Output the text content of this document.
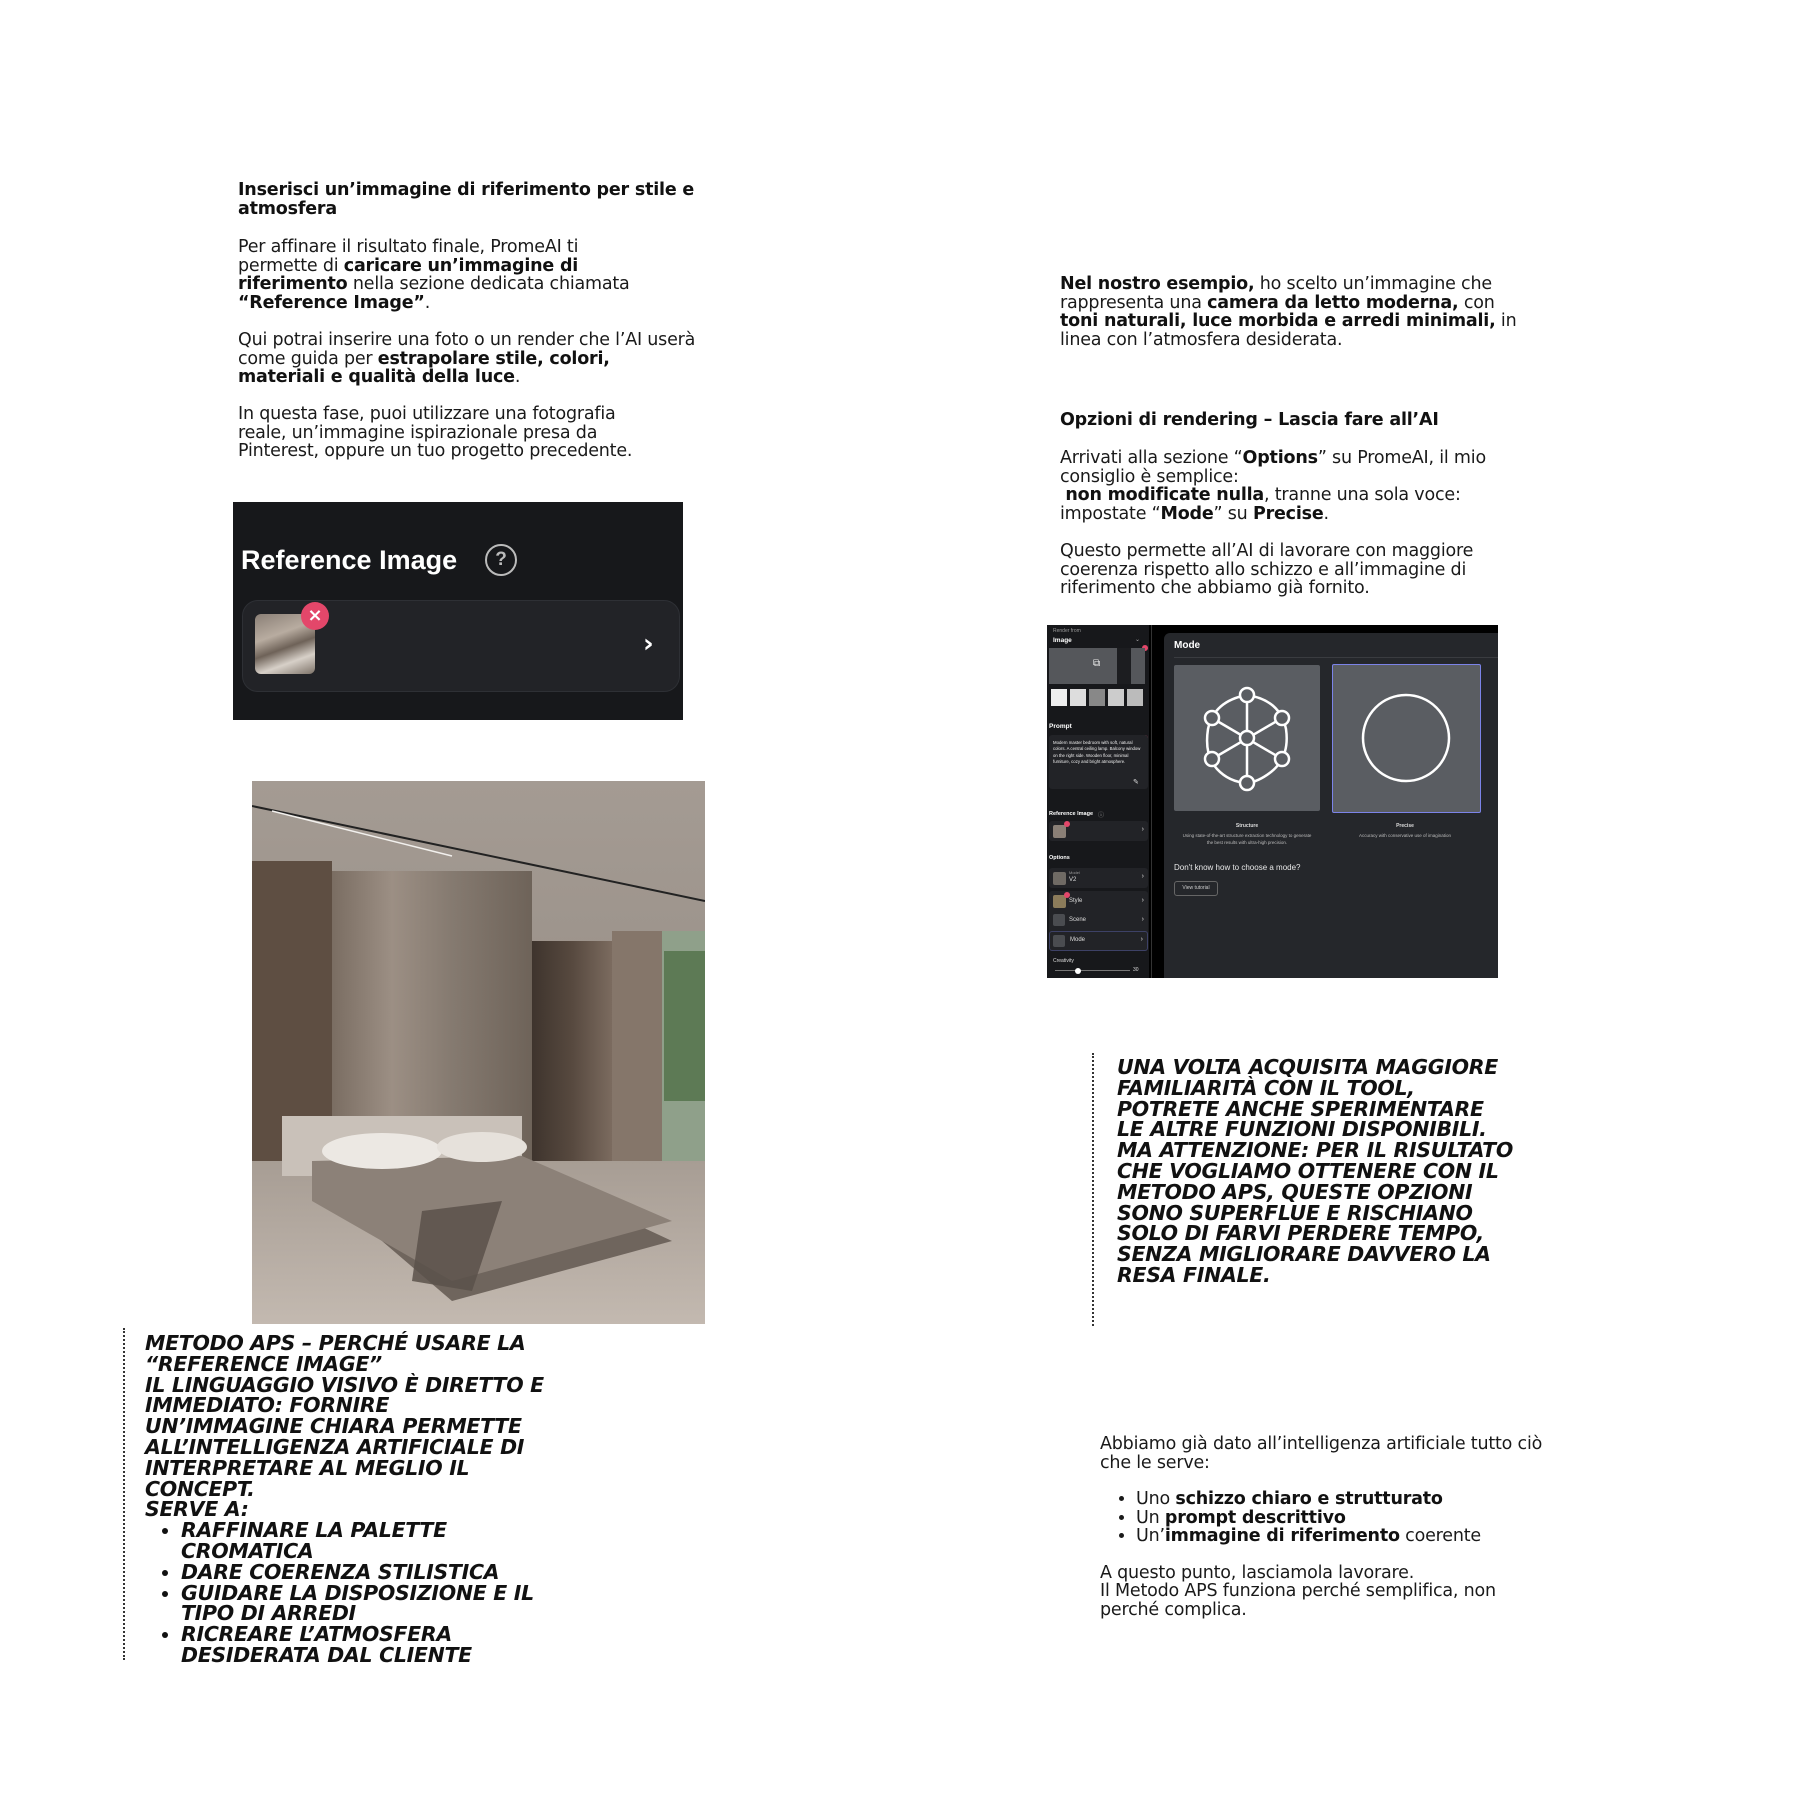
Inserisci un’immagine di riferimento per stile e atmosfera

Per affinare il risultato finale, PromeAI ti permette di caricare un’immagine di riferimento nella sezione dedicata chiamata “Reference Image”.

Qui potrai inserire una foto o un render che l’AI userà come guida per estrapolare stile, colori, materiali e qualità della luce.

In questa fase, puoi utilizzare una fotografia reale, un’immagine ispirazionale presa da Pinterest, oppure un tuo progetto precedente.

Reference Image	?
×
›
METODO APS – PERCHÉ USARE LA “REFERENCE IMAGE”
IL LINGUAGGIO VISIVO È DIRETTO E IMMEDIATO: FORNIRE UN’IMMAGINE CHIARA PERMETTE ALL’INTELLIGENZA ARTIFICIALE DI INTERPRETARE AL MEGLIO IL CONCEPT.
SERVE A:
• RAFFINARE LA PALETTE CROMATICA
• DARE COERENZA STILISTICA
• GUIDARE LA DISPOSIZIONE E IL TIPO DI ARREDI
• RICREARE L’ATMOSFERA DESIDERATA DAL CLIENTE

Nel nostro esempio, ho scelto un’immagine che rappresenta una camera da letto moderna, con toni naturali, luce morbida e arredi minimali, in linea con l’atmosfera desiderata.

Opzioni di rendering – Lascia fare all’AI
Arrivati alla sezione “Options” su PromeAI, il mio consiglio è semplice:
non modificate nulla, tranne una sola voce:
impostate “Mode” su Precise.

Questo permette all’AI di lavorare con maggiore coerenza rispetto allo schizzo e all’immagine di riferimento che abbiamo già fornito.

Render from
Image	⌄
⧉
Prompt
Modern master bedroom with soft, natural colors. A central ceiling lamp. Balcony window on the right side. Wooden floor, minimal furniture, cozy and bright atmosphere.
✎
Reference Image ⓘ
›
Options
Model
V2	›
Style	›
Scene	›
Mode	›
Creativity
30
Mode
Structure
Using state-of-the-art structure extraction technology to generate the best results with ultra-high precision.
Precise
Accuracy with conservative use of imagination
Don't know how to choose a mode?
View tutorial
UNA VOLTA ACQUISITA MAGGIORE FAMILIARITÀ CON IL TOOL, POTRETE ANCHE SPERIMENTARE LE ALTRE FUNZIONI DISPONIBILI.
MA ATTENZIONE: PER IL RISULTATO CHE VOGLIAMO OTTENERE CON IL METODO APS, QUESTE OPZIONI SONO SUPERFLUE E RISCHIANO SOLO DI FARVI PERDERE TEMPO, SENZA MIGLIORARE DAVVERO LA RESA FINALE.

Abbiamo già dato all’intelligenza artificiale tutto ciò che le serve:

• Uno schizzo chiaro e strutturato
• Un prompt descrittivo
• Un’immagine di riferimento coerente

A questo punto, lasciamola lavorare.

Il Metodo APS funziona perché semplifica, non perché complica.
